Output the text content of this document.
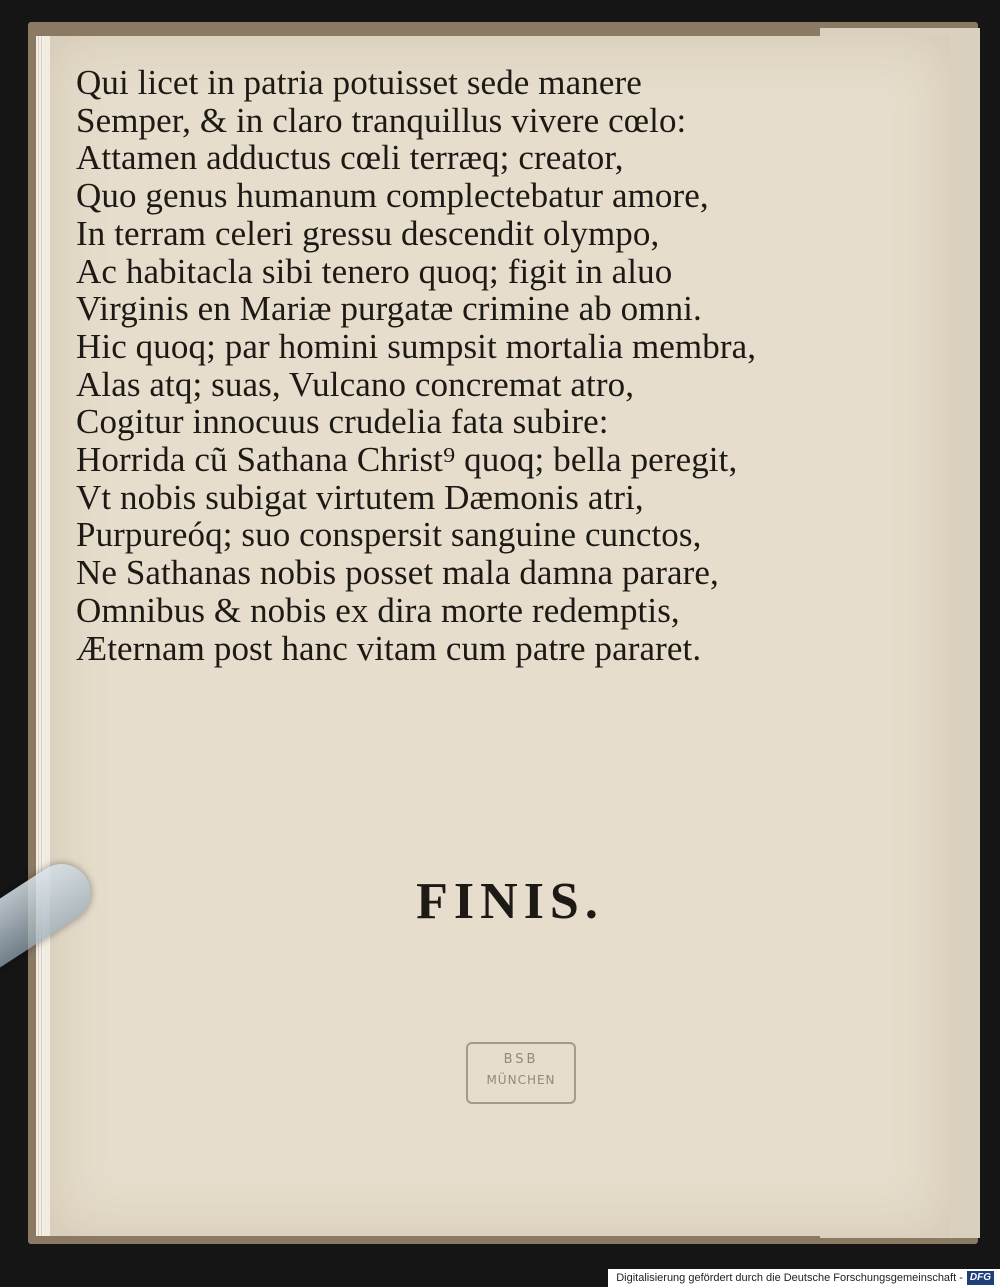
Qui licet in patria potuisset sede manere
Semper, & in claro tranquillus vivere cœlo:
Attamen adductus cœli terræq; creator,
Quo genus humanum complectebatur amore,
In terram celeri gressu descendit olympo,
Ac habitacla sibi tenero quoq; figit in aluo
Virginis en Mariæ purgatæ crimine ab omni.
Hic quoq; par homini sumpsit mortalia membra,
Alas atq; suas, Vulcano concremat atro,
Cogitur innocuus crudelia fata subire:
Horrida cũ Sathana Christ⁹ quoq; bella peregit,
Vt nobis subigat virtutem Dæmonis atri,
Purpureóq; suo conspersit sanguine cunctos,
Ne Sathanas nobis posset mala damna parare,
Omnibus & nobis ex dira morte redemptis,
Æternam post hanc vitam cum patre pararet.
FINIS.
BSB
MÜNCHEN
Digitalisierung gefördert durch die Deutsche Forschungsgemeinschaft - DFG
